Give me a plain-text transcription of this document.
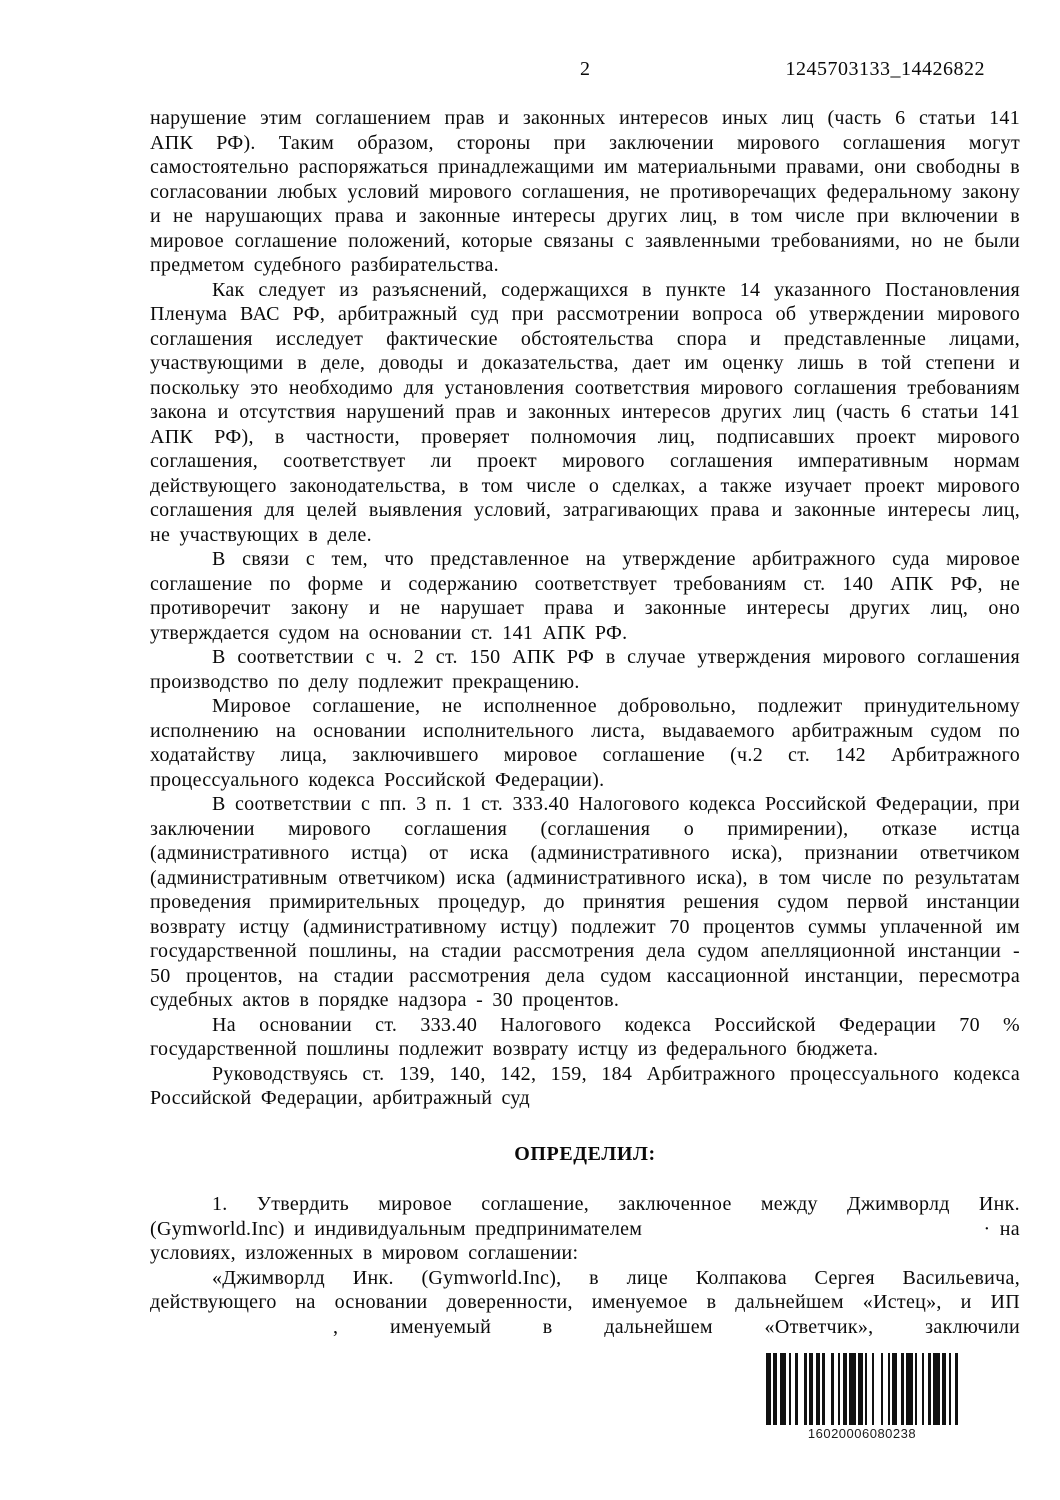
2	1245703133_14426822

нарушение этим соглашением прав и законных интересов иных лиц (часть 6 статьи 141 АПК РФ). Таким образом, стороны при заключении мирового соглашения могут самостоятельно распоряжаться принадлежащими им материальными правами, они свободны в согласовании любых условий мирового соглашения, не противоречащих федеральному закону и не нарушающих права и законные интересы других лиц, в том числе при включении в мировое соглашение положений, которые связаны с заявленными требованиями, но не были предметом судебного разбирательства.

Как следует из разъяснений, содержащихся в пункте 14 указанного Постановления Пленума ВАС РФ, арбитражный суд при рассмотрении вопроса об утверждении мирового соглашения исследует фактические обстоятельства спора и представленные лицами, участвующими в деле, доводы и доказательства, дает им оценку лишь в той степени и поскольку это необходимо для установления соответствия мирового соглашения требованиям закона и отсутствия нарушений прав и законных интересов других лиц (часть 6 статьи 141 АПК РФ), в частности, проверяет полномочия лиц, подписавших проект мирового соглашения, соответствует ли проект мирового соглашения императивным нормам действующего законодательства, в том числе о сделках, а также изучает проект мирового соглашения для целей выявления условий, затрагивающих права и законные интересы лиц, не участвующих в деле.

В связи с тем, что представленное на утверждение арбитражного суда мировое соглашение по форме и содержанию соответствует требованиям ст. 140 АПК РФ, не противоречит закону и не нарушает права и законные интересы других лиц, оно утверждается судом на основании ст. 141 АПК РФ.

В соответствии с ч. 2 ст. 150 АПК РФ в случае утверждения мирового соглашения производство по делу подлежит прекращению.

Мировое соглашение, не исполненное добровольно, подлежит принудительному исполнению на основании исполнительного листа, выдаваемого арбитражным судом по ходатайству лица, заключившего мировое соглашение (ч.2 ст. 142 Арбитражного процессуального кодекса Российской Федерации).

В соответствии с пп. 3 п. 1 ст. 333.40 Налогового кодекса Российской Федерации, при заключении мирового соглашения (соглашения о примирении), отказе истца (административного истца) от иска (административного иска), признании ответчиком (административным ответчиком) иска (административного иска), в том числе по результатам проведения примирительных процедур, до принятия решения судом первой инстанции возврату истцу (административному истцу) подлежит 70 процентов суммы уплаченной им государственной пошлины, на стадии рассмотрения дела судом апелляционной инстанции - 50 процентов, на стадии рассмотрения дела судом кассационной инстанции, пересмотра судебных актов в порядке надзора - 30 процентов.

На основании ст. 333.40 Налогового кодекса Российской Федерации 70 % государственной пошлины подлежит возврату истцу из федерального бюджета.

Руководствуясь ст. 139, 140, 142, 159, 184 Арбитражного процессуального кодекса Российской Федерации, арбитражный суд

ОПРЕДЕЛИЛ:

1. Утвердить мировое соглашение, заключенное между Джимворлд Инк.
(Gymworld.Inc) и индивидуальным предпринимателем	· на
условиях, изложенных в мировом соглашении:
«Джимворлд Инк. (Gymworld.Inc), в лице Колпакова Сергея Васильевича,
действующего на основании доверенности, именуемое в дальнейшем «Истец», и ИП
, именуемый в дальнейшем «Ответчик», заключили
16020006080238
